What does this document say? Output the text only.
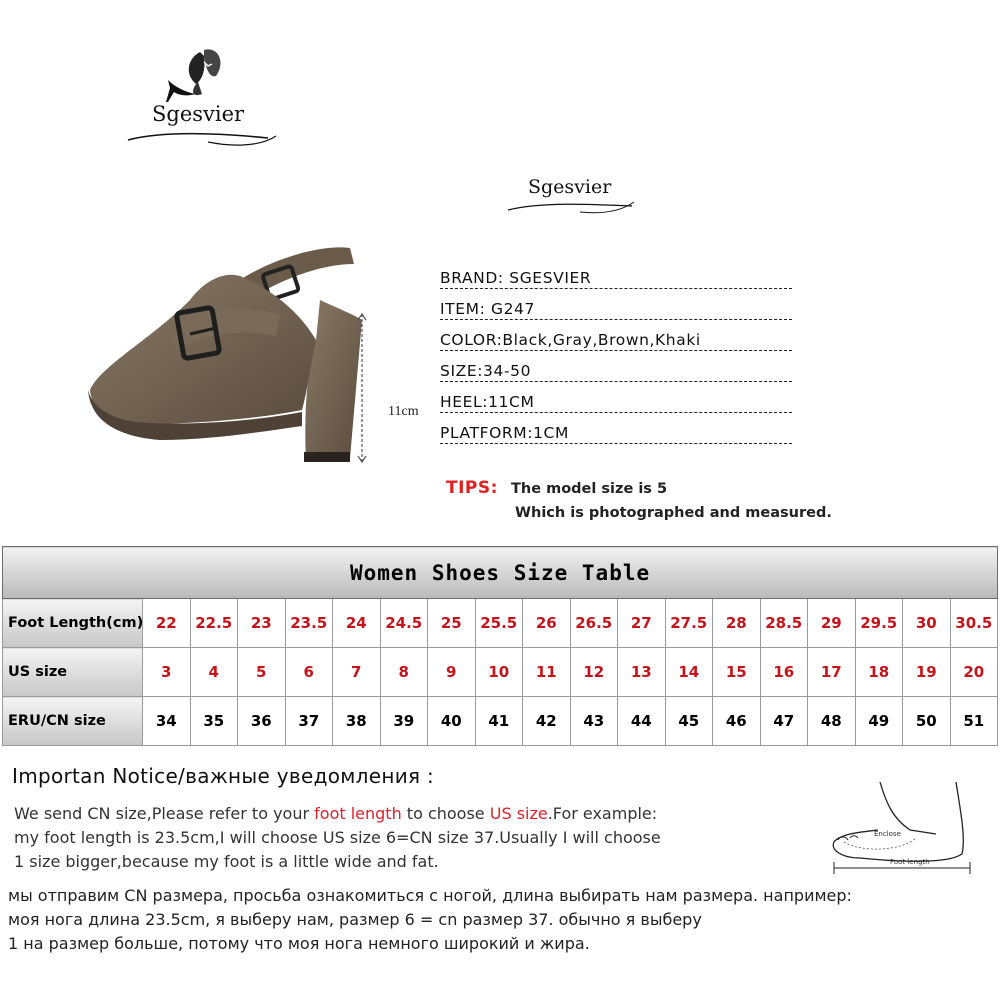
Sgesvier
Sgesvier
11cm
BRAND: SGESVIER
ITEM: G247
COLOR:Black,Gray,Brown,Khaki
SIZE:34-50
HEEL:11CM
PLATFORM:1CM
TIPS: The model size is 5
Which is photographed and measured.
Women Shoes Size Table																		
Foot Length(cm)	22	22.5	23	23.5	24	24.5	25	25.5	26	26.5	27	27.5	28	28.5	29	29.5	30	30.5
US size	3	4	5	6	7	8	9	10	11	12	13	14	15	16	17	18	19	20
ERU/CN size	34	35	36	37	38	39	40	41	42	43	44	45	46	47	48	49	50	51
Importan Notice/важные уведомления :
We send CN size,Please refer to your foot length to choose US size.For example:
my foot length is 23.5cm,I will choose US size 6=CN size 37.Usually I will choose
1 size bigger,because my foot is a little wide and fat.
мы отправим CN размера, просьба ознакомиться с ногой, длина выбирать нам размера. например:
моя нога длина 23.5cm, я выберу нам, размер 6 = cn размер 37. обычно я выберу
1 на размер больше, потому что моя нога немного широкий и жира.
Enclose
Foot length
